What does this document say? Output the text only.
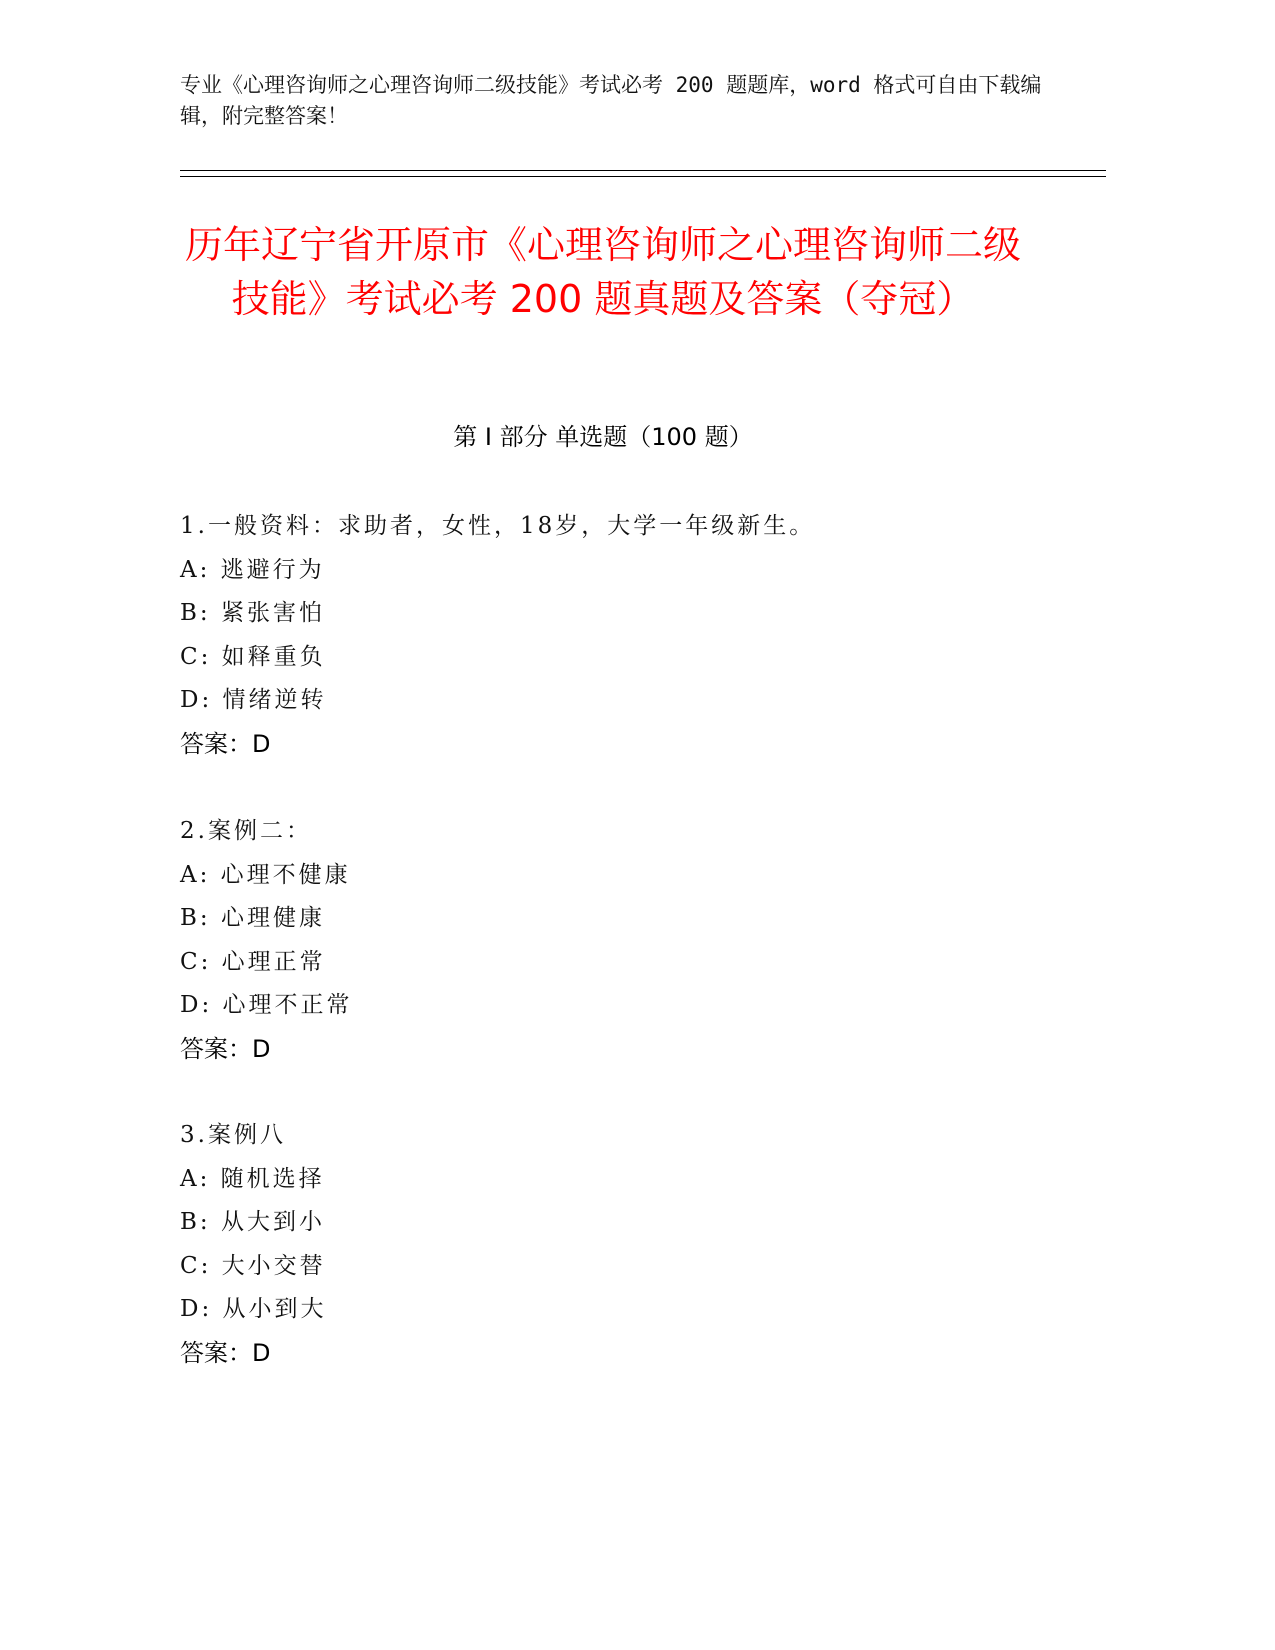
专业《心理咨询师之心理咨询师二级技能》考试必考 200 题题库，word 格式可自由下载编辑，附完整答案！
历年辽宁省开原市《心理咨询师之心理咨询师二级技能》考试必考 200 题真题及答案（夺冠）
第 I 部分 单选题（100 题）
1.一般资料：求助者，女性，18岁，大学一年级新生。
A: 逃避行为
B: 紧张害怕
C: 如释重负
D: 情绪逆转
答案：D
2.案例二：
A: 心理不健康
B: 心理健康
C: 心理正常
D: 心理不正常
答案：D
3.案例八
A: 随机选择
B: 从大到小
C: 大小交替
D: 从小到大
答案：D
